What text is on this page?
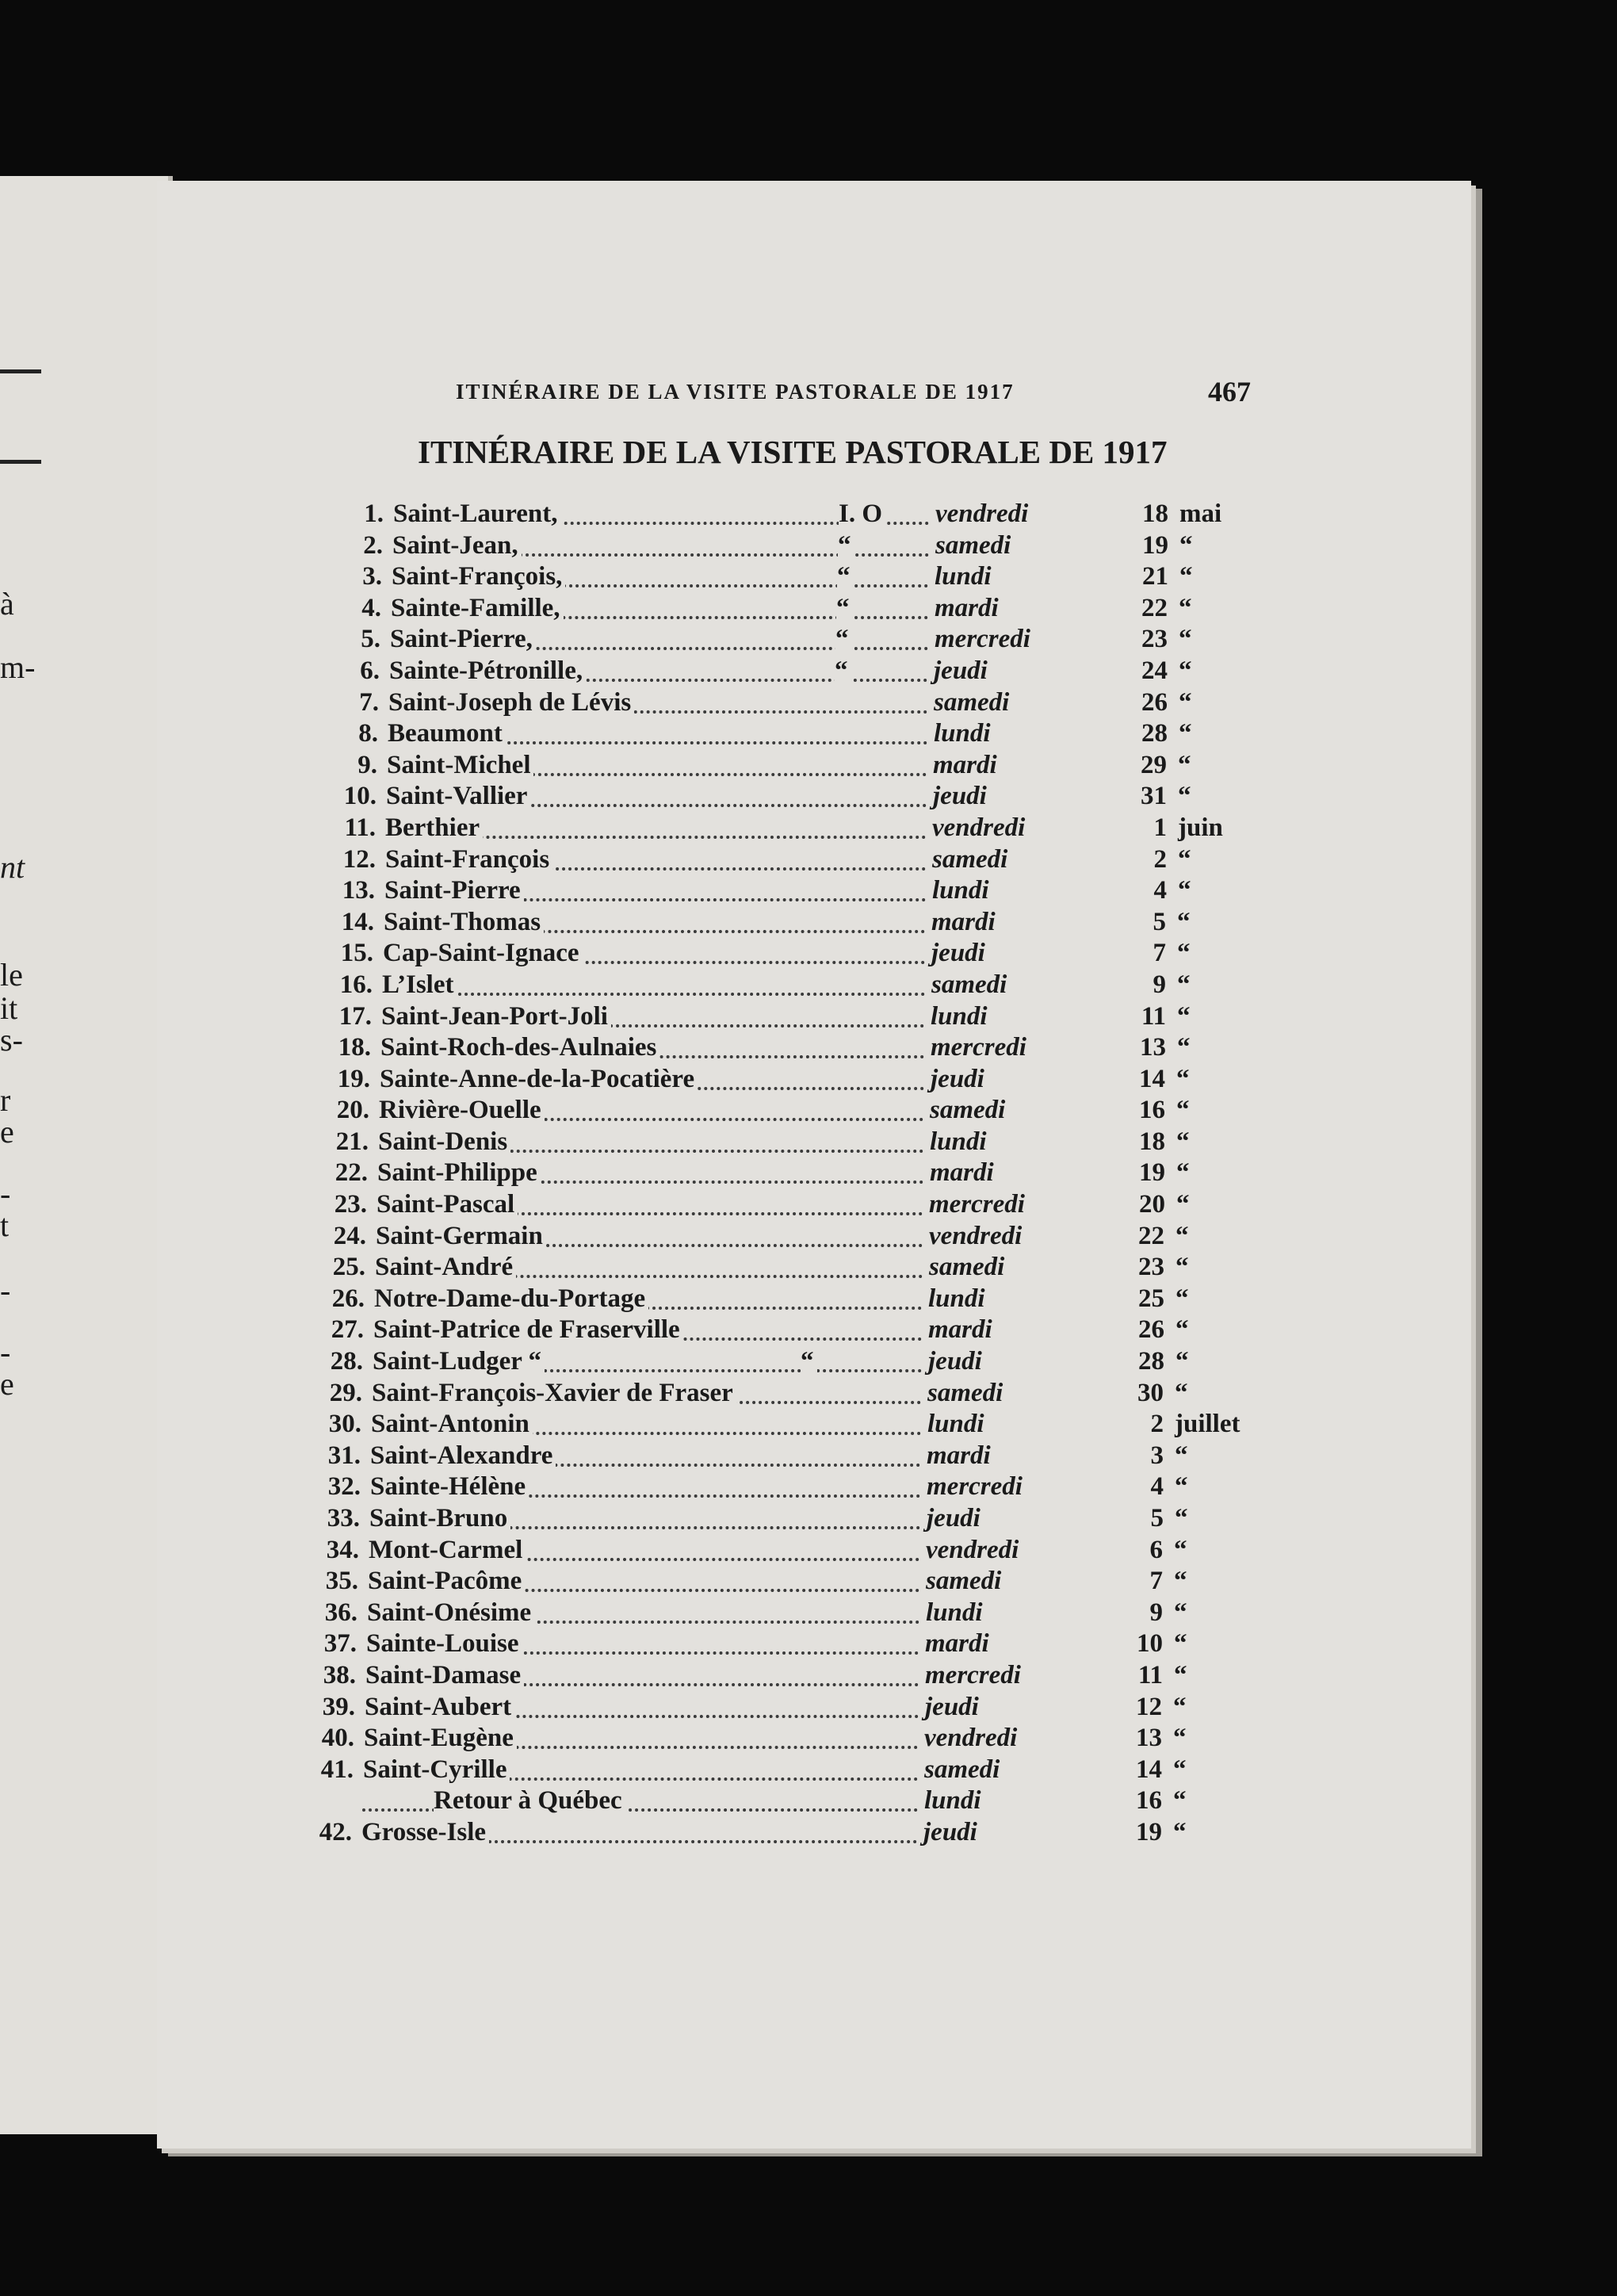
à
m-
nt
le
it
s-
r
e
-
t
-
-
e
ITINÉRAIRE DE LA VISITE PASTORALE DE 1917	467
ITINÉRAIRE DE LA VISITE PASTORALE DE 1917
1. Saint-Laurent,	I. O vendredi	18 mai
2. Saint-Jean,	“	samedi	19 “
3. Saint-François,	“	lundi	21 “
4. Sainte-Famille,	“	mardi	22 “
5. Saint-Pierre,	“	mercredi	23 “
6. Sainte-Pétronille,	“	jeudi	24 “
7. Saint-Joseph de Lévis	samedi	26 “
8. Beaumont	lundi	28 “
9. Saint-Michel	mardi	29 “
10. Saint-Vallier	jeudi	31 “
11. Berthier	vendredi	1 juin
12. Saint-François	samedi	2 “
13. Saint-Pierre	lundi	4 “
14. Saint-Thomas	mardi	5 “
15. Cap-Saint-Ignace	jeudi	7 “
16. L’Islet	samedi	9 “
17. Saint-Jean-Port-Joli	lundi	11 “
18. Saint-Roch-des-Aulnaies	mercredi	13 “
19. Sainte-Anne-de-la-Pocatière	jeudi	14 “
20. Rivière-Ouelle	samedi	16 “
21. Saint-Denis	lundi	18 “
22. Saint-Philippe	mardi	19 “
23. Saint-Pascal	mercredi	20 “
24. Saint-Germain	vendredi	22 “
25. Saint-André	samedi	23 “
26. Notre-Dame-du-Portage	lundi	25 “
27. Saint-Patrice de Fraserville	mardi	26 “
28. Saint-Ludger “	“	jeudi	28 “
29. Saint-François-Xavier de Fraser	samedi	30 “
30. Saint-Antonin	lundi	2 juillet
31. Saint-Alexandre	mardi	3 “
32. Sainte-Hélène	mercredi	4 “
33. Saint-Bruno	jeudi	5 “
34. Mont-Carmel	vendredi	6 “
35. Saint-Pacôme	samedi	7 “
36. Saint-Onésime	lundi	9 “
37. Sainte-Louise	mardi	10 “
38. Saint-Damase	mercredi	11 “
39. Saint-Aubert	jeudi	12 “
40. Saint-Eugène	vendredi	13 “
41. Saint-Cyrille	samedi	14 “
Retour à Québec	lundi	16 “
42. Grosse-Isle	jeudi	19 “
